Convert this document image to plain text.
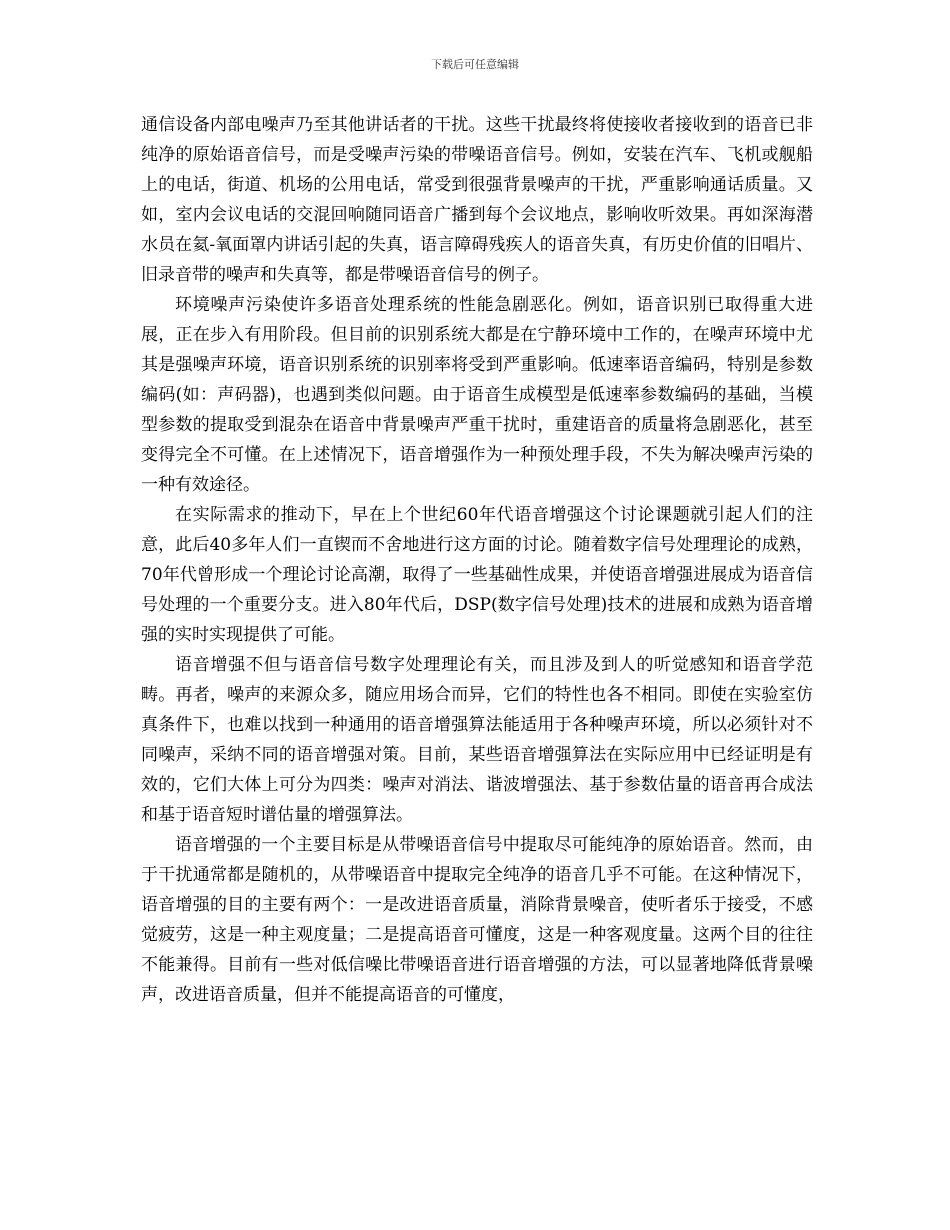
下载后可任意编辑

通信设备内部电噪声乃至其他讲话者的干扰。这些干扰最终将使接收者接收到的语音已非纯净的原始语音信号，而是受噪声污染的带噪语音信号。例如，安装在汽车、飞机或舰船上的电话，街道、机场的公用电话，常受到很强背景噪声的干扰，严重影响通话质量。又如，室内会议电话的交混回响随同语音广播到每个会议地点，影响收听效果。再如深海潜水员在氦-氧面罩内讲话引起的失真，语言障碍残疾人的语音失真，有历史价值的旧唱片、旧录音带的噪声和失真等，都是带噪语音信号的例子。

环境噪声污染使许多语音处理系统的性能急剧恶化。例如，语音识别已取得重大进展，正在步入有用阶段。但目前的识别系统大都是在宁静环境中工作的，在噪声环境中尤其是强噪声环境，语音识别系统的识别率将受到严重影响。低速率语音编码，特别是参数编码(如：声码器)，也遇到类似问题。由于语音生成模型是低速率参数编码的基础，当模型参数的提取受到混杂在语音中背景噪声严重干扰时，重建语音的质量将急剧恶化，甚至变得完全不可懂。在上述情况下，语音增强作为一种预处理手段，不失为解决噪声污染的一种有效途径。

在实际需求的推动下，早在上个世纪60年代语音增强这个讨论课题就引起人们的注意，此后40多年人们一直锲而不舍地进行这方面的讨论。随着数字信号处理理论的成熟，70年代曾形成一个理论讨论高潮，取得了一些基础性成果，并使语音增强进展成为语音信号处理的一个重要分支。进入80年代后，DSP(数字信号处理)技术的进展和成熟为语音增强的实时实现提供了可能。

语音增强不但与语音信号数字处理理论有关，而且涉及到人的听觉感知和语音学范畴。再者，噪声的来源众多，随应用场合而异，它们的特性也各不相同。即使在实验室仿真条件下，也难以找到一种通用的语音增强算法能适用于各种噪声环境，所以必须针对不同噪声，采纳不同的语音增强对策。目前，某些语音增强算法在实际应用中已经证明是有效的，它们大体上可分为四类：噪声对消法、谐波增强法、基于参数估量的语音再合成法和基于语音短时谱估量的增强算法。

语音增强的一个主要目标是从带噪语音信号中提取尽可能纯净的原始语音。然而，由于干扰通常都是随机的，从带噪语音中提取完全纯净的语音几乎不可能。在这种情况下，语音增强的目的主要有两个：一是改进语音质量，消除背景噪音，使听者乐于接受，不感觉疲劳，这是一种主观度量；二是提高语音可懂度，这是一种客观度量。这两个目的往往不能兼得。目前有一些对低信噪比带噪语音进行语音增强的方法，可以显著地降低背景噪声，改进语音质量，但并不能提高语音的可懂度，
